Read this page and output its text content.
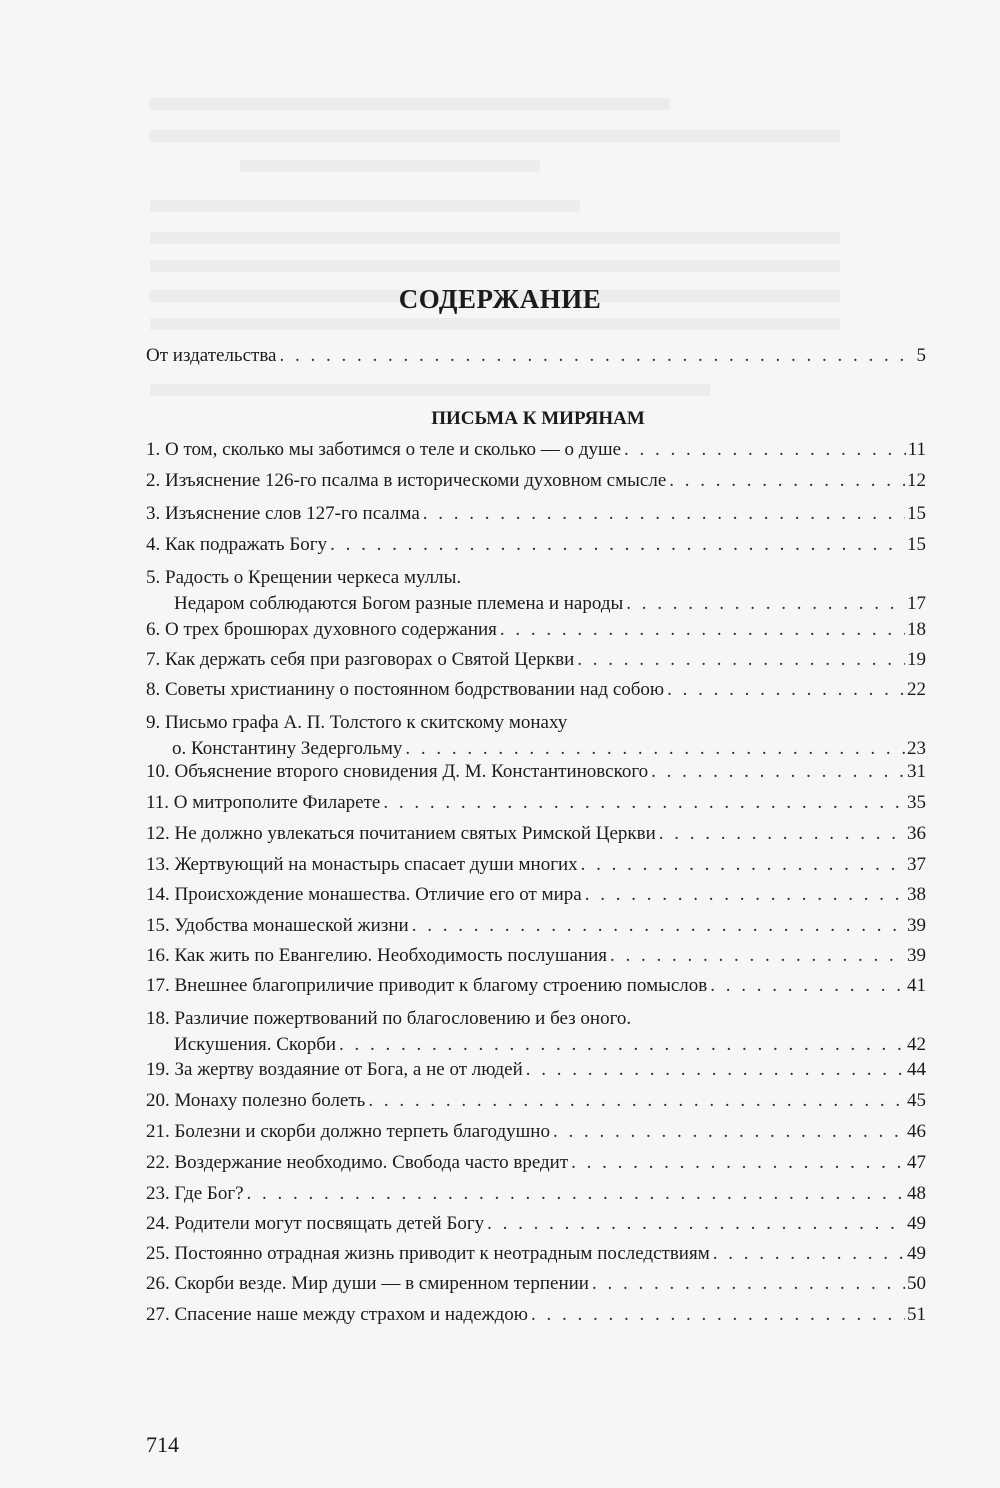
СОДЕРЖАНИЕ
От издательства . . .	5
ПИСЬМА К МИРЯНАМ
1. О том, сколько мы заботимся о теле и сколько — о душе . . .	11
2. Изъяснение 126-го псалма в историческоми духовном смысле . . .	12
3. Изъяснение слов 127-го псалма . . .	15
4. Как подражать Богу . . .	15
5. Радость о Крещении черкеса муллы.
Недаром соблюдаются Богом разные племена и народы . . .	17
6. О трех брошюрах духовного содержания . . .	18
7. Как держать себя при разговорах о Святой Церкви . . .	19
8. Советы христианину о постоянном бодрствовании над собою . . .	22
9. Письмо графа А. П. Толстого к скитскому монаху
о. Константину Зедергольму . . .	23
10. Объяснение второго сновидения Д. М. Константиновского . . .	31
11. О митрополите Филарете . . .	35
12. Не должно увлекаться почитанием святых Римской Церкви . . .	36
13. Жертвующий на монастырь спасает души многих . . .	37
14. Происхождение монашества. Отличие его от мира . . .	38
15. Удобства монашеской жизни . . .	39
16. Как жить по Евангелию. Необходимость послушания . . .	39
17. Внешнее благоприличие приводит к благому строению помыслов . . .	41
18. Различие пожертвований по благословению и без оного.
Искушения. Скорби . . .	42
19. За жертву воздаяние от Бога, а не от людей . . .	44
20. Монаху полезно болеть . . .	45
21. Болезни и скорби должно терпеть благодушно . . .	46
22. Воздержание необходимо. Свобода часто вредит . . .	47
23. Где Бог? . . .	48
24. Родители могут посвящать детей Богу . . .	49
25. Постоянно отрадная жизнь приводит к неотрадным последствиям . . .	49
26. Скорби везде. Мир души — в смиренном терпении . . .	50
27. Спасение наше между страхом и надеждою . . .	51
714
